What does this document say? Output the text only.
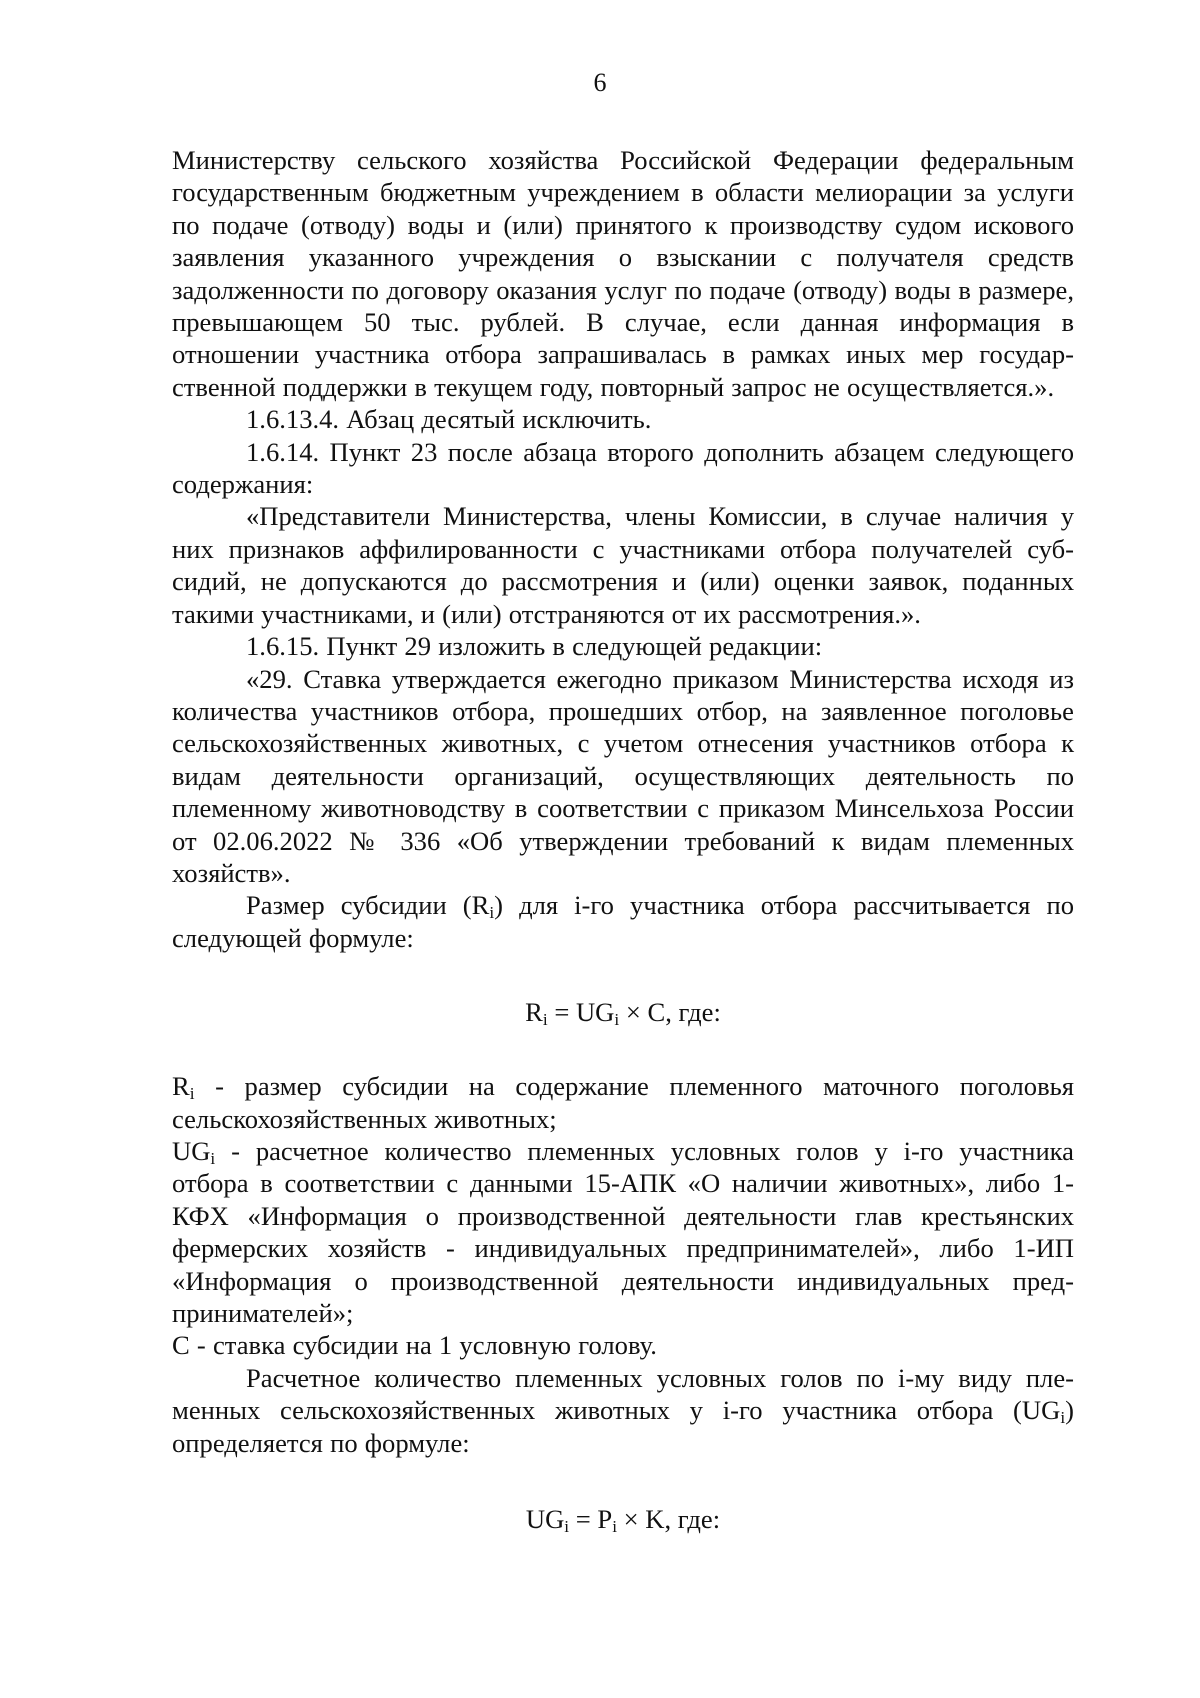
6

Министерству сельского хозяйства Российской Федерации федеральным государственным бюджетным учреждением в области мелиорации за услуги по подаче (отводу) воды и (или) принятого к производству судом искового заявления указанного учреждения о взыскании с получателя средств задолженности по договору оказания услуг по подаче (отводу) воды в размере, превышающем 50 тыс. рублей. В случае, если данная информация в отношении участника отбора запрашивалась в рамках иных мер государственной поддержки в текущем году, повторный запрос не осуществляется.».

1.6.13.4. Абзац десятый исключить.

1.6.14. Пункт 23 после абзаца второго дополнить абзацем следующего содержания:

«Представители Министерства, члены Комиссии, в случае наличия у них признаков аффилированности с участниками отбора получателей субсидий, не допускаются до рассмотрения и (или) оценки заявок, поданных такими участниками, и (или) отстраняются от их рассмотрения.».

1.6.15. Пункт 29 изложить в следующей редакции:

«29. Ставка утверждается ежегодно приказом Министерства исходя из количества участников отбора, прошедших отбор, на заявленное поголовье сельскохозяйственных животных, с учетом отнесения участников отбора к видам деятельности организаций, осуществляющих деятельность по племенному животноводству в соответствии с приказом Минсельхоза России от 02.06.2022 № 336 «Об утверждении требований к видам племенных хозяйств».

Размер субсидии $(R_i)$ для i-го участника отбора рассчитывается по следующей формуле:

$R_i = UG_i \times C$, где:

$R_i$ - размер субсидии на содержание племенного маточного поголовья сельскохозяйственных животных;

$UG_i$ - расчетное количество племенных условных голов у i-го участника отбора в соответствии с данными 15-АПК «О наличии животных», либо 1-КФХ «Информация о производственной деятельности глав крестьянских фермерских хозяйств - индивидуальных предпринимателей», либо 1-ИП «Информация о производственной деятельности индивидуальных предпринимателей»;

С - ставка субсидии на 1 условную голову.

Расчетное количество племенных условных голов по i-му виду племенных сельскохозяйственных животных у i-го участника отбора $(UG_i)$ определяется по формуле:

$UG_i = P_i \times K$, где:
